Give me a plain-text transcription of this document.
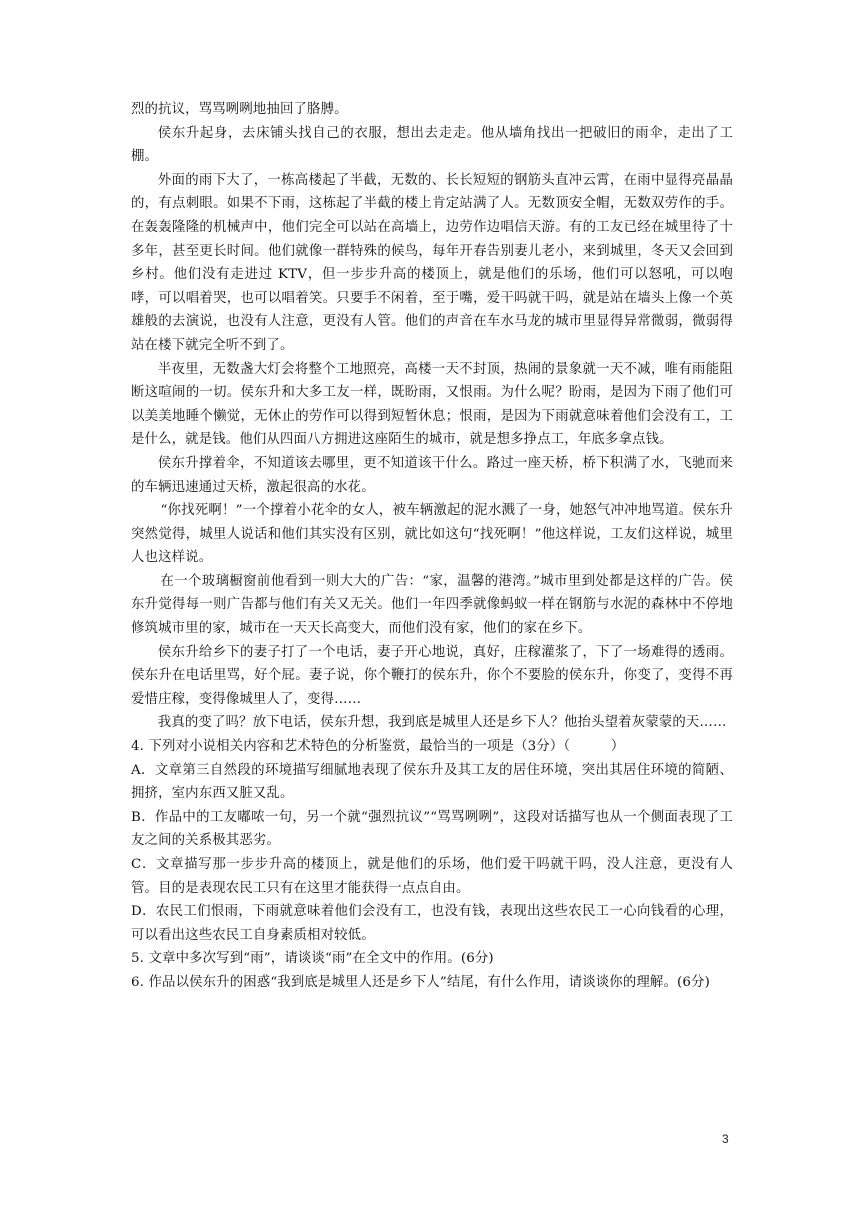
烈的抗议，骂骂咧咧地抽回了胳膊。

侯东升起身，去床铺头找自己的衣服，想出去走走。他从墙角找出一把破旧的雨伞，走出了工棚。

外面的雨下大了，一栋高楼起了半截，无数的、长长短短的钢筋头直冲云霄，在雨中显得亮晶晶的，有点刺眼。如果不下雨，这栋起了半截的楼上肯定站满了人。无数顶安全帽，无数双劳作的手。在轰轰隆隆的机械声中，他们完全可以站在高墙上，边劳作边唱信天游。有的工友已经在城里待了十多年，甚至更长时间。他们就像一群特殊的候鸟，每年开春告别妻儿老小，来到城里，冬天又会回到乡村。他们没有走进过 KTV，但一步步升高的楼顶上，就是他们的乐场，他们可以怒吼，可以咆哮，可以唱着哭，也可以唱着笑。只要手不闲着，至于嘴，爱干吗就干吗，就是站在墙头上像一个英雄般的去演说，也没有人注意，更没有人管。他们的声音在车水马龙的城市里显得异常微弱，微弱得站在楼下就完全听不到了。

半夜里，无数盏大灯会将整个工地照亮，高楼一天不封顶，热闹的景象就一天不减，唯有雨能阻断这喧闹的一切。侯东升和大多工友一样，既盼雨，又恨雨。为什么呢？盼雨，是因为下雨了他们可以美美地睡个懒觉，无休止的劳作可以得到短暂休息；恨雨，是因为下雨就意味着他们会没有工，工是什么，就是钱。他们从四面八方拥进这座陌生的城市，就是想多挣点工，年底多拿点钱。

侯东升撑着伞，不知道该去哪里，更不知道该干什么。路过一座天桥，桥下积满了水，飞驰而来的车辆迅速通过天桥，激起很高的水花。

“你找死啊！”一个撑着小花伞的女人，被车辆激起的泥水溅了一身，她怒气冲冲地骂道。侯东升突然觉得，城里人说话和他们其实没有区别，就比如这句“找死啊！”他这样说，工友们这样说，城里人也这样说。

在一个玻璃橱窗前他看到一则大大的广告：“家，温馨的港湾。”城市里到处都是这样的广告。侯东升觉得每一则广告都与他们有关又无关。他们一年四季就像蚂蚁一样在钢筋与水泥的森林中不停地修筑城市里的家，城市在一天天长高变大，而他们没有家，他们的家在乡下。

侯东升给乡下的妻子打了一个电话，妻子开心地说，真好，庄稼灌浆了，下了一场难得的透雨。侯东升在电话里骂，好个屁。妻子说，你个鞭打的侯东升，你个不要脸的侯东升，你变了，变得不再爱惜庄稼，变得像城里人了，变得……

我真的变了吗？放下电话，侯东升想，我到底是城里人还是乡下人？他抬头望着灰蒙蒙的天……

4. 下列对小说相关内容和艺术特色的分析鉴赏，最恰当的一项是（3分）（　　　）

A．文章第三自然段的环境描写细腻地表现了侯东升及其工友的居住环境，突出其居住环境的简陋、拥挤，室内东西又脏又乱。

B．作品中的工友嘟哝一句，另一个就“强烈抗议”“骂骂咧咧”，这段对话描写也从一个侧面表现了工友之间的关系极其恶劣。

C．文章描写那一步步升高的楼顶上，就是他们的乐场，他们爱干吗就干吗，没人注意，更没有人管。目的是表现农民工只有在这里才能获得一点点自由。

D．农民工们恨雨，下雨就意味着他们会没有工，也没有钱，表现出这些农民工一心向钱看的心理，可以看出这些农民工自身素质相对较低。

5. 文章中多次写到“雨”，请谈谈“雨”在全文中的作用。(6分)

6. 作品以侯东升的困惑“我到底是城里人还是乡下人”结尾，有什么作用，请谈谈你的理解。(6分)

3
